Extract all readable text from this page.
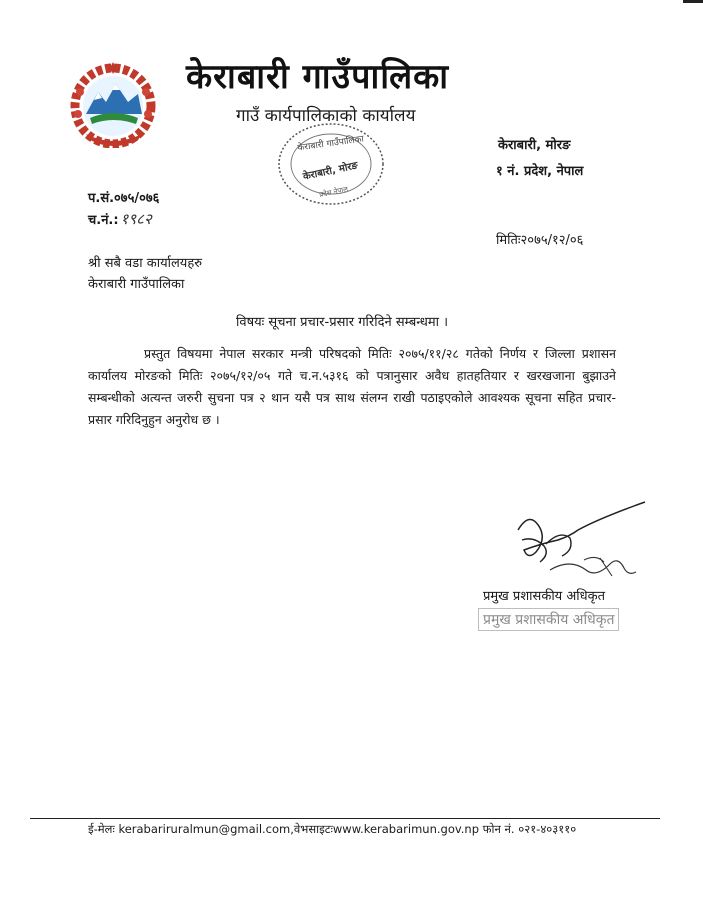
केराबारी गाउँपालिका
गाउँ कार्यपालिकाको कार्यालय
केराबारी, मोरङ
१ नं. प्रदेश, नेपाल
केराबारी गाउँपालिका
केराबारी, मोरङ
प्रदेश नेपाल
प.सं.०७५/०७६
च.नं.: १९८२
मितिः२०७५/१२/०६
श्री सबै वडा कार्यालयहरु
केराबारी गाउँपालिका
विषयः सूचना प्रचार-प्रसार गरिदिने सम्बन्धमा ।
प्रस्तुत विषयमा नेपाल सरकार मन्त्री परिषदको मितिः २०७५/११/२८ गतेको निर्णय र जिल्ला प्रशासन कार्यालय मोरङको मितिः २०७५/१२/०५ गते च.न.५३१६ को पत्रानुसार अवैध हातहतियार र खरखजाना बुझाउने सम्बन्धीको अत्यन्त जरुरी सुचना पत्र २ थान यसै पत्र साथ संलग्न राखी पठाइएकोले आवश्यक सूचना सहित प्रचार-प्रसार गरिदिनुहुन अनुरोध छ ।
प्रमुख प्रशासकीय अधिकृत
प्रमुख प्रशासकीय अधिकृत
ई-मेलः kerabariruralmun@gmail.com,वेभसाइटःwww.kerabarimun.gov.np फोन नं. ०२१-४०३११०
